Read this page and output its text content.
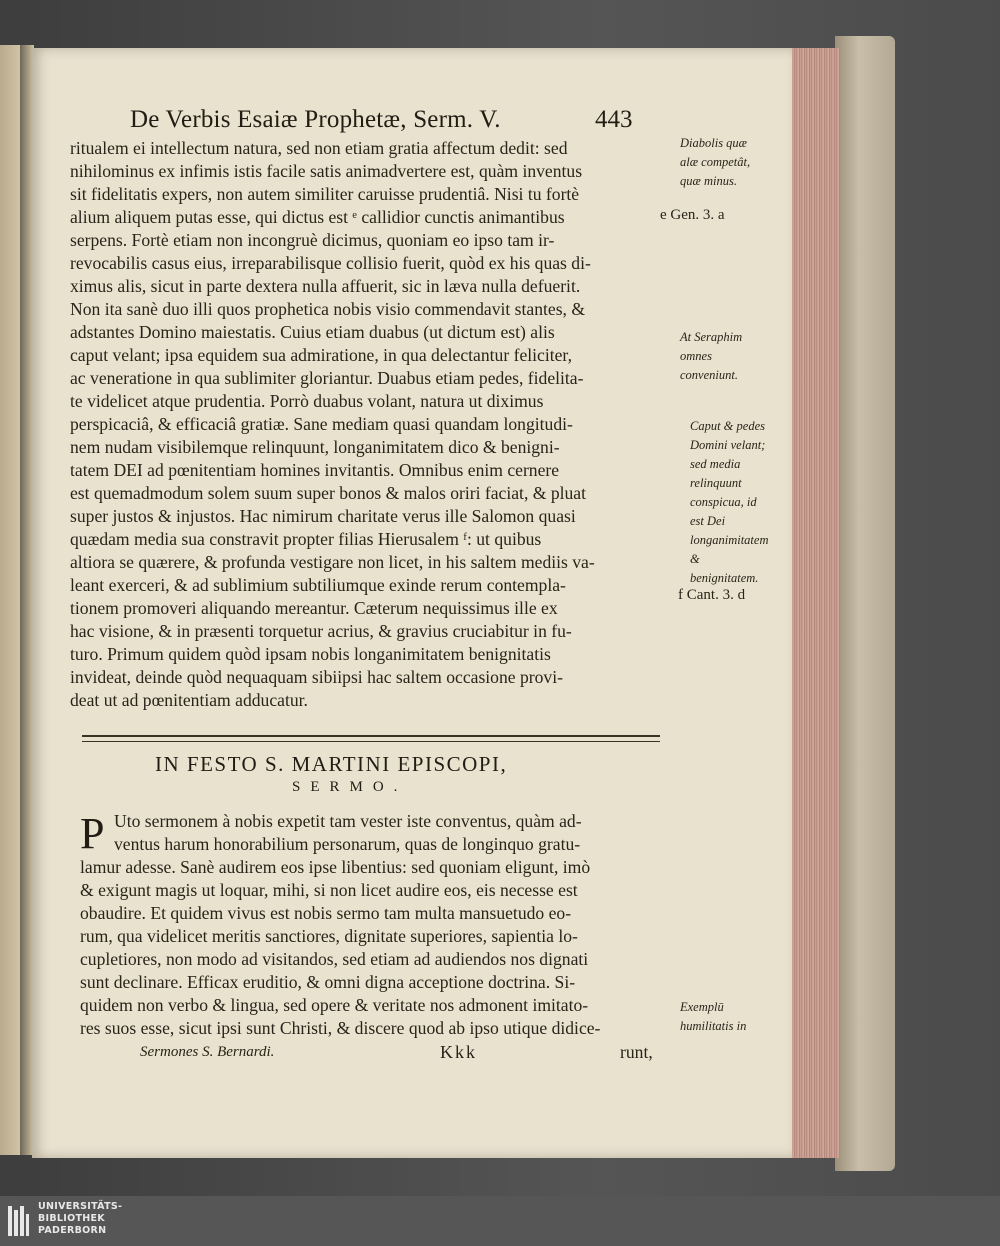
De Verbis Esaiæ Prophetæ, Serm. V.	443
ritualem ei intellectum natura, sed non etiam gratia affectum dedit: sed
nihilominus ex infimis istis facile satis animadvertere est, quàm inventus
sit fidelitatis expers, non autem similiter caruisse prudentiâ. Nisi tu fortè
alium aliquem putas esse, qui dictus est ᵉ callidior cunctis animantibus
serpens. Fortè etiam non incongruè dicimus, quoniam eo ipso tam ir-
revocabilis casus eius, irreparabilisque collisio fuerit, quòd ex his quas di-
ximus alis, sicut in parte dextera nulla affuerit, sic in læva nulla defuerit.
Non ita sanè duo illi quos prophetica nobis visio commendavit stantes, &
adstantes Domino maiestatis. Cuius etiam duabus (ut dictum est) alis
caput velant; ipsa equidem sua admiratione, in qua delectantur feliciter,
ac veneratione in qua sublimiter gloriantur. Duabus etiam pedes, fidelita-
te videlicet atque prudentia. Porrò duabus volant, natura ut diximus
perspicaciâ, & efficaciâ gratiæ. Sane mediam quasi quandam longitudi-
nem nudam visibilemque relinquunt, longanimitatem dico & benigni-
tatem DEI ad pœnitentiam homines invitantis. Omnibus enim cernere
est quemadmodum solem suum super bonos & malos oriri faciat, & pluat
super justos & injustos. Hac nimirum charitate verus ille Salomon quasi
quædam media sua constravit propter filias Hierusalem ᶠ: ut quibus
altiora se quærere, & profunda vestigare non licet, in his saltem mediis va-
leant exerceri, & ad sublimium subtiliumque exinde rerum contempla-
tionem promoveri aliquando mereantur. Cæterum nequissimus ille ex
hac visione, & in præsenti torquetur acrius, & gravius cruciabitur in fu-
turo. Primum quidem quòd ipsam nobis longanimitatem benignitatis
invideat, deinde quòd nequaquam sibiipsi hac saltem occasione provi-
deat ut ad pœnitentiam adducatur.
Diabolis quæ alæ competât, quæ minus.
e Gen. 3. a
At Seraphim omnes conveniunt.
Caput & pedes Domini velant; sed media relinquunt conspicua, id est Dei longanimitatem & benignitatem.
f Cant. 3. d
IN FESTO S. MARTINI EPISCOPI,
SERMO.
P Uto sermonem à nobis expetit tam vester iste conventus, quàm ad-
ventus harum honorabilium personarum, quas de longinquo gratu-
lamur adesse. Sanè audirem eos ipse libentius: sed quoniam eligunt, imò
& exigunt magis ut loquar, mihi, si non licet audire eos, eis necesse est
obaudire. Et quidem vivus est nobis sermo tam multa mansuetudo eo-
rum, qua videlicet meritis sanctiores, dignitate superiores, sapientia lo-
cupletiores, non modo ad visitandos, sed etiam ad audiendos nos dignati
sunt declinare. Efficax eruditio, & omni digna acceptione doctrina. Si-
quidem non verbo & lingua, sed opere & veritate nos admonent imitato-
res suos esse, sicut ipsi sunt Christi, & discere quod ab ipso utique didice-
Exemplū humilitatis in
Sermones S. Bernardi.	Kkk	runt,
UNIVERSITÄTS-
BIBLIOTHEK
PADERBORN
